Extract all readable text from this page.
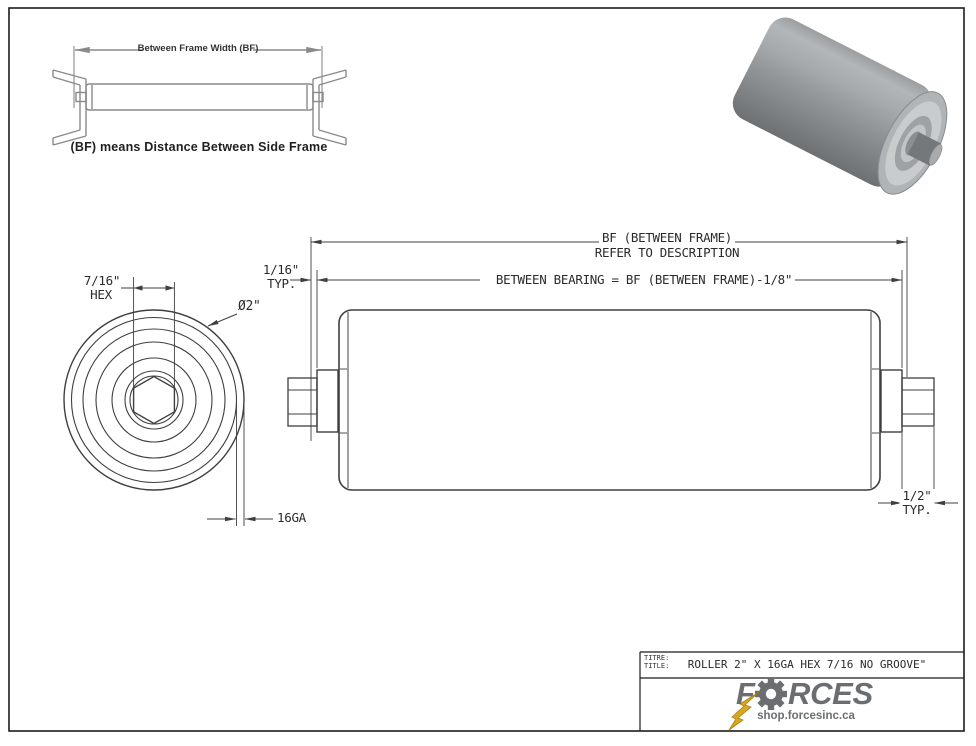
Between Frame Width (BF)
(BF) means Distance Between Side Frame
7/16"
HEX
Ø2"
16GA
BF (BETWEEN FRAME)
REFER TO DESCRIPTION
BETWEEN BEARING = BF (BETWEEN FRAME)-1/8"
1/16"
TYP.
1/2"
TYP.
TITRE:
TITLE: ROLLER 2" X 16GA HEX 7/16 NO GROOVE"
F RCES
shop.forcesinc.ca
